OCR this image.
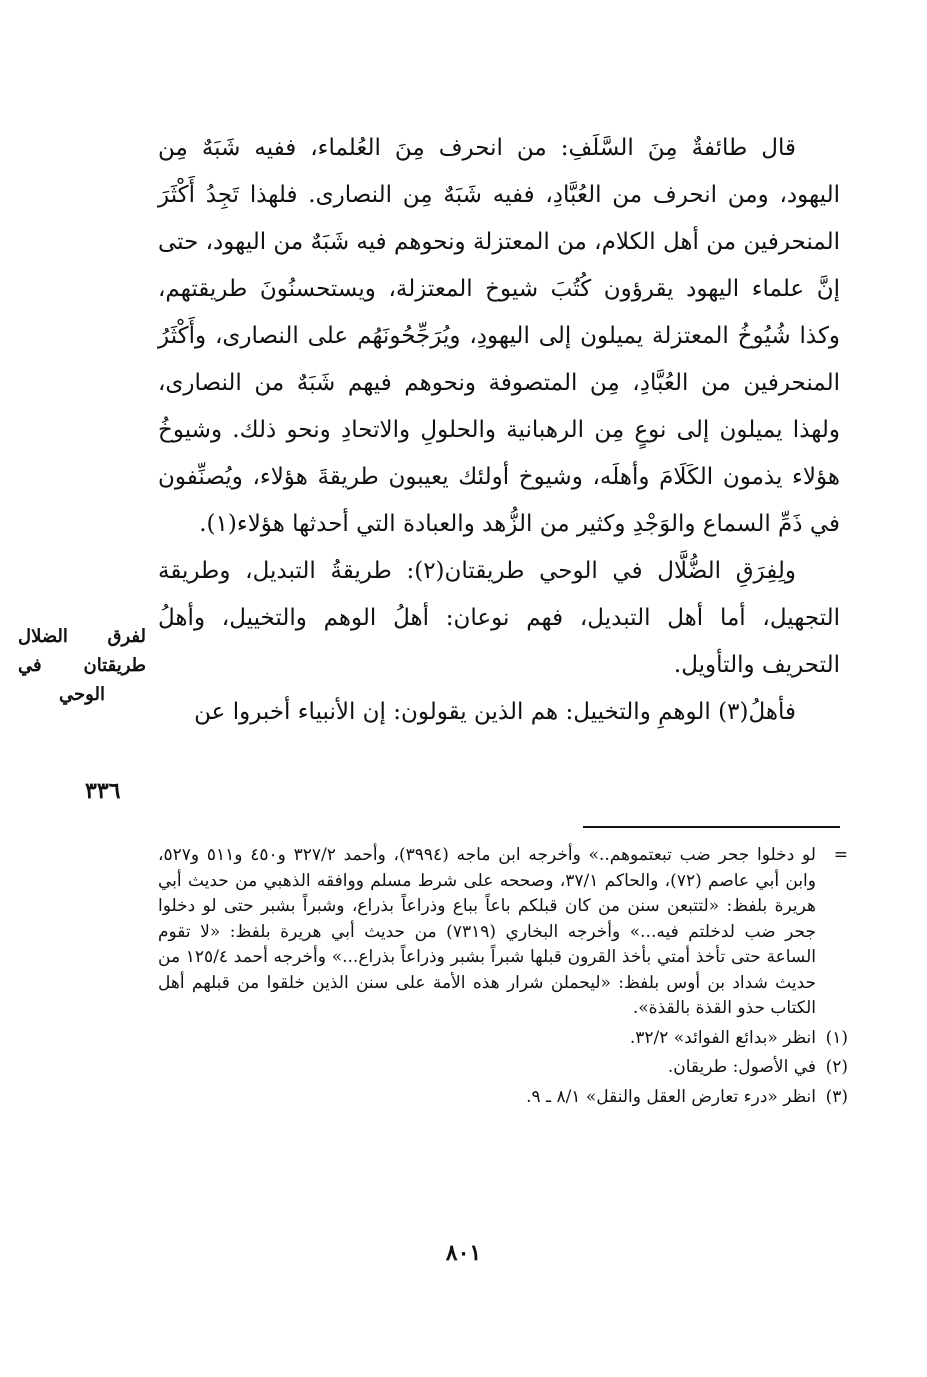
قال طائفةٌ مِنَ السَّلَفِ: من انحرف مِنَ العُلماء، ففيه شَبَهٌ مِن اليهود، ومن انحرف من العُبَّادِ، ففيه شَبَهٌ مِن النصارى. فلهذا تَجِدُ أَكْثَرَ المنحرفين من أهل الكلام، من المعتزلة ونحوهم فيه شَبَهٌ من اليهود، حتى إنَّ علماء اليهود يقرؤون كُتُبَ شيوخ المعتزلة، ويستحسنُونَ طريقتهم، وكذا شُيُوخُ المعتزلة يميلون إلى اليهودِ، ويُرَجِّحُونَهُم على النصارى، وأَكْثَرُ المنحرفين من العُبَّادِ، مِن المتصوفة ونحوهم فيهم شَبَهٌ من النصارى، ولهذا يميلون إلى نوعٍ مِن الرهبانية والحلولِ والاتحادِ ونحو ذلك. وشيوخُ هؤلاء يذمون الكَلَامَ وأهلَه، وشيوخ أولئك يعيبون طريقةَ هؤلاء، ويُصنِّفون في ذَمِّ السماع والوَجْدِ وكثير من الزُّهد والعبادة التي أحدثها هؤلاء(١).

ولِفِرَقِ الضُّلَّال في الوحي طريقتان(٢): طريقةُ التبديل، وطريقة التجهيل، أما أهل التبديل، فهم نوعان: أهلُ الوهم والتخييل، وأهلُ التحريف والتأويل.

فأهلُ(٣) الوهمِ والتخييل: هم الذين يقولون: إن الأنبياء أخبروا عن

لفرق الضلال طريقتان في الوحي
٣٣٦

=
لو دخلوا جحر ضب تبعتموهم..» وأخرجه ابن ماجه (٣٩٩٤)، وأحمد ٣٢٧/٢ و٤٥٠ و٥١١ و٥٢٧، وابن أبي عاصم (٧٢)، والحاكم ٣٧/١، وصححه على شرط مسلم ووافقه الذهبي من حديث أبي هريرة بلفظ: «لتتبعن سنن من كان قبلكم باعاً بباع وذراعاً بذراع، وشبراً بشبر حتى لو دخلوا جحر ضب لدخلتم فيه...» وأخرجه البخاري (٧٣١٩) من حديث أبي هريرة بلفظ: «لا تقوم الساعة حتى تأخذ أمتي بأخذ القرون قبلها شبراً بشبر وذراعاً بذراع...» وأخرجه أحمد ١٢٥/٤ من حديث شداد بن أوس بلفظ: «ليحملن شرار هذه الأمة على سنن الذين خلقوا من قبلهم أهل الكتاب حذو القذة بالقذة».

(١)
انظر «بدائع الفوائد» ٣٢/٢.

(٢)
في الأصول: طريقان.

(٣)
انظر «درء تعارض العقل والنقل» ٨/١ ـ ٩.

٨٠١
